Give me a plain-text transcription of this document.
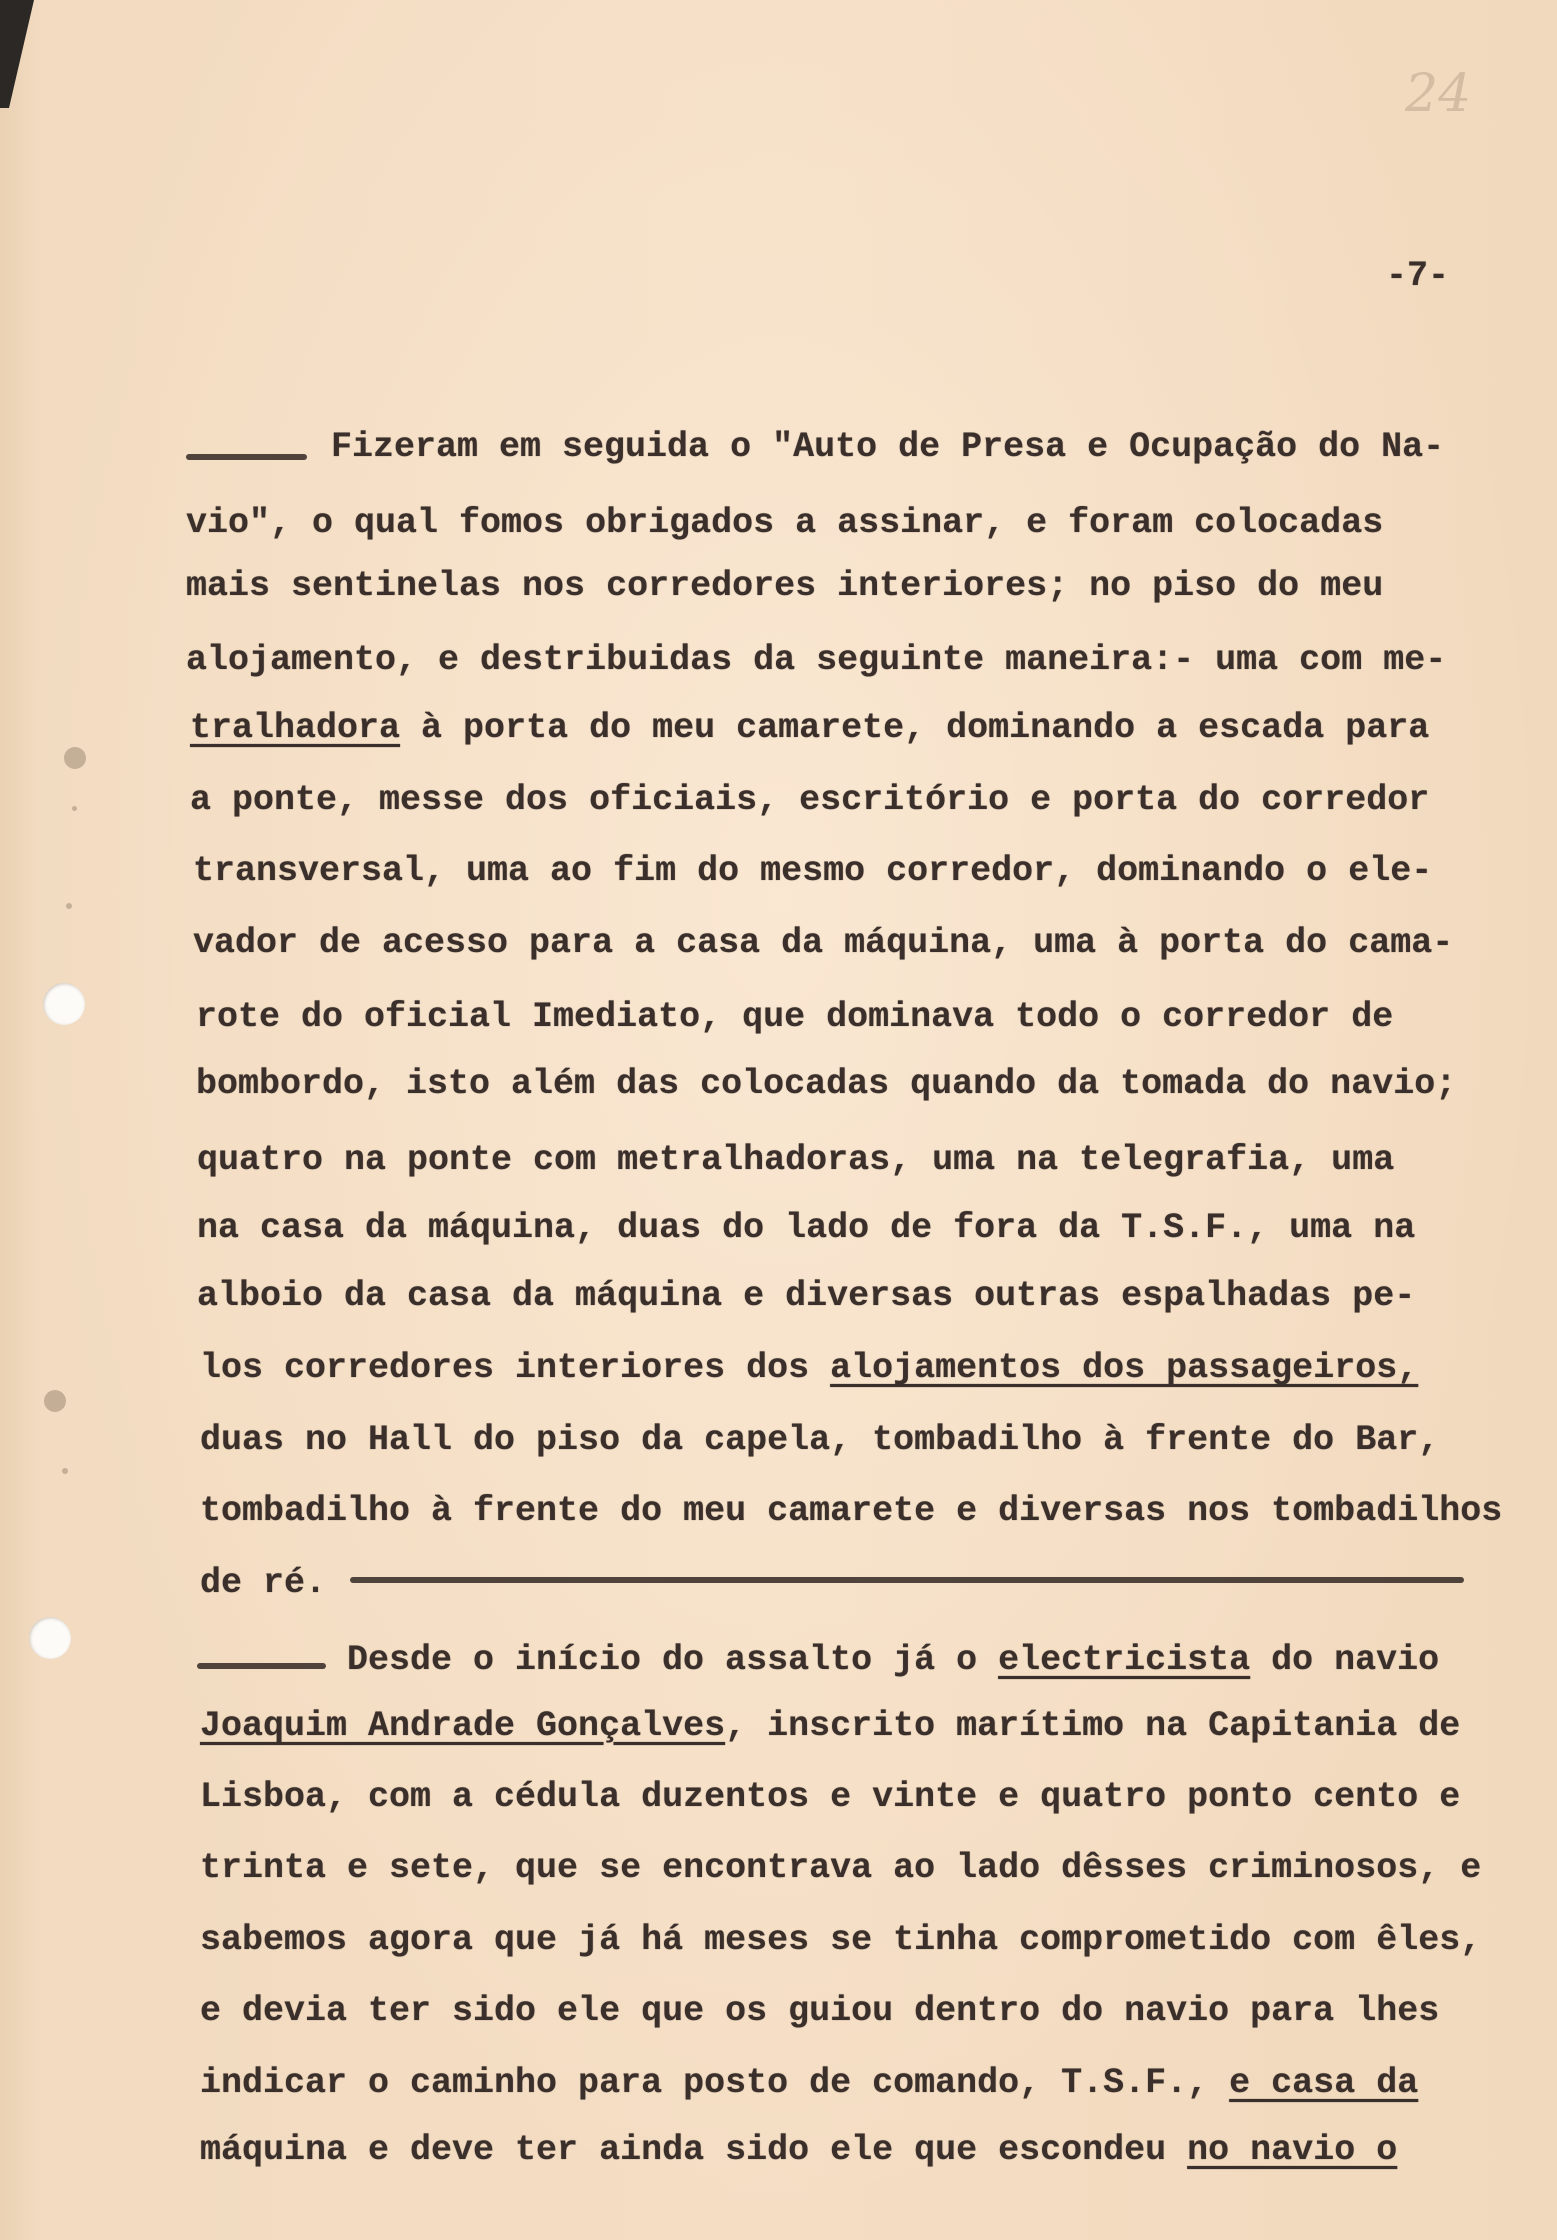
24
-7-
Fizeram em seguida o "Auto de Presa e Ocupação do Na-
vio", o qual fomos obrigados a assinar, e foram colocadas
mais sentinelas nos corredores interiores; no piso do meu
alojamento, e destribuidas da seguinte maneira:- uma com me-
tralhadora à porta do meu camarete, dominando a escada para
a ponte, messe dos oficiais, escritório e porta do corredor
transversal, uma ao fim do mesmo corredor, dominando o ele-
vador de acesso para a casa da máquina, uma à porta do cama-
rote do oficial Imediato, que dominava todo o corredor de
bombordo, isto além das colocadas quando da tomada do navio;
quatro na ponte com metralhadoras, uma na telegrafia, uma
na casa da máquina, duas do lado de fora da T.S.F., uma na
alboio da casa da máquina e diversas outras espalhadas pe-
los corredores interiores dos alojamentos dos passageiros,
duas no Hall do piso da capela, tombadilho à frente do Bar,
tombadilho à frente do meu camarete e diversas nos tombadilhos
de ré.
Desde o início do assalto já o electricista do navio
Joaquim Andrade Gonçalves, inscrito marítimo na Capitania de
Lisboa, com a cédula duzentos e vinte e quatro ponto cento e
trinta e sete, que se encontrava ao lado dêsses criminosos, e
sabemos agora que já há meses se tinha comprometido com êles,
e devia ter sido ele que os guiou dentro do navio para lhes
indicar o caminho para posto de comando, T.S.F., e casa da
máquina e deve ter ainda sido ele que escondeu no navio o
